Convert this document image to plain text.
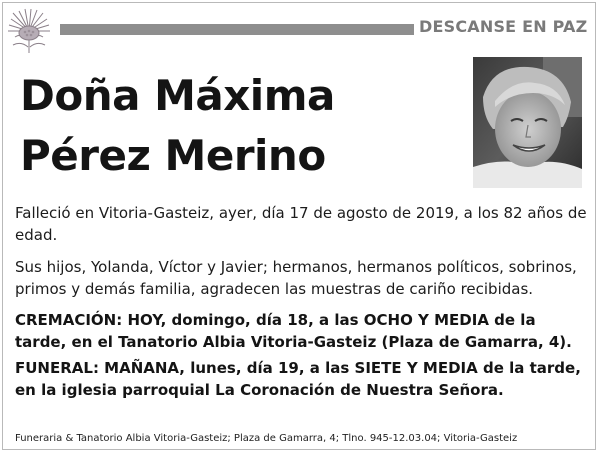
DESCANSE EN PAZ
Doña Máxima
Pérez Merino

Falleció en Vitoria-Gasteiz, ayer, día 17 de agosto de 2019, a los 82 años de edad.

Sus hijos, Yolanda, Víctor y Javier; hermanos, hermanos políticos, sobrinos, primos y demás familia, agradecen las muestras de cariño recibidas.

CREMACIÓN: HOY, domingo, día 18, a las OCHO Y MEDIA de la tarde, en el Tanatorio Albia Vitoria-Gasteiz (Plaza de Gamarra, 4).

FUNERAL: MAÑANA, lunes, día 19, a las SIETE Y MEDIA de la tarde, en la iglesia parroquial La Coronación de Nuestra Señora.

Funeraria & Tanatorio Albia Vitoria-Gasteiz; Plaza de Gamarra, 4; Tlno. 945-12.03.04; Vitoria-Gasteiz
